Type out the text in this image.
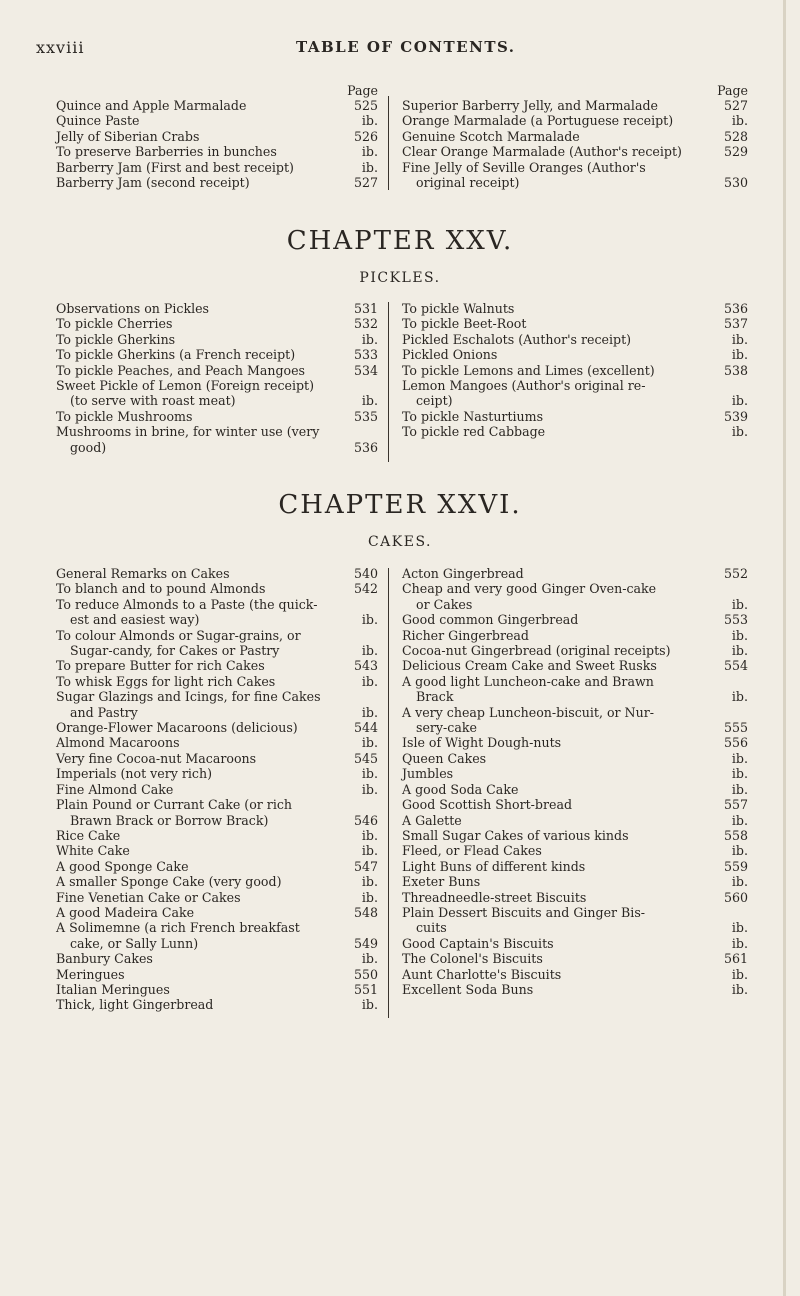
xxviii	TABLE OF CONTENTS.
Page
Quince and Apple Marmalade	525
Quince Paste	ib.
Jelly of Siberian Crabs	526
To preserve Barberries in bunches	ib.
Barberry Jam (First and best receipt)	ib.
Barberry Jam (second receipt)	527
Page
Superior Barberry Jelly, and Marmalade	527
Orange Marmalade (a Portuguese receipt)	ib.
Genuine Scotch Marmalade	528
Clear Orange Marmalade (Author's receipt)	529
Fine Jelly of Seville Oranges (Author's
original receipt)	530
CHAPTER XXV.
PICKLES.
Observations on Pickles	531
To pickle Cherries	532
To pickle Gherkins	ib.
To pickle Gherkins (a French receipt)	533
To pickle Peaches, and Peach Mangoes	534
Sweet Pickle of Lemon (Foreign receipt)
(to serve with roast meat)	ib.
To pickle Mushrooms	535
Mushrooms in brine, for winter use (very
good)	536
To pickle Walnuts	536
To pickle Beet-Root	537
Pickled Eschalots (Author's receipt)	ib.
Pickled Onions	ib.
To pickle Lemons and Limes (excellent)	538
Lemon Mangoes (Author's original re-
ceipt)	ib.
To pickle Nasturtiums	539
To pickle red Cabbage	ib.
CHAPTER XXVI.
CAKES.
General Remarks on Cakes	540
To blanch and to pound Almonds	542
To reduce Almonds to a Paste (the quick-
est and easiest way)	ib.
To colour Almonds or Sugar-grains, or
Sugar-candy, for Cakes or Pastry	ib.
To prepare Butter for rich Cakes	543
To whisk Eggs for light rich Cakes	ib.
Sugar Glazings and Icings, for fine Cakes
and Pastry	ib.
Orange-Flower Macaroons (delicious)	544
Almond Macaroons	ib.
Very fine Cocoa-nut Macaroons	545
Imperials (not very rich)	ib.
Fine Almond Cake	ib.
Plain Pound or Currant Cake (or rich
Brawn Brack or Borrow Brack)	546
Rice Cake	ib.
White Cake	ib.
A good Sponge Cake	547
A smaller Sponge Cake (very good)	ib.
Fine Venetian Cake or Cakes	ib.
A good Madeira Cake	548
A Solimemne (a rich French breakfast
cake, or Sally Lunn)	549
Banbury Cakes	ib.
Meringues	550
Italian Meringues	551
Thick, light Gingerbread	ib.
Acton Gingerbread	552
Cheap and very good Ginger Oven-cake
or Cakes	ib.
Good common Gingerbread	553
Richer Gingerbread	ib.
Cocoa-nut Gingerbread (original receipts)	ib.
Delicious Cream Cake and Sweet Rusks	554
A good light Luncheon-cake and Brawn
Brack	ib.
A very cheap Luncheon-biscuit, or Nur-
sery-cake	555
Isle of Wight Dough-nuts	556
Queen Cakes	ib.
Jumbles	ib.
A good Soda Cake	ib.
Good Scottish Short-bread	557
A Galette	ib.
Small Sugar Cakes of various kinds	558
Fleed, or Flead Cakes	ib.
Light Buns of different kinds	559
Exeter Buns	ib.
Threadneedle-street Biscuits	560
Plain Dessert Biscuits and Ginger Bis-
cuits	ib.
Good Captain's Biscuits	ib.
The Colonel's Biscuits	561
Aunt Charlotte's Biscuits	ib.
Excellent Soda Buns	ib.
